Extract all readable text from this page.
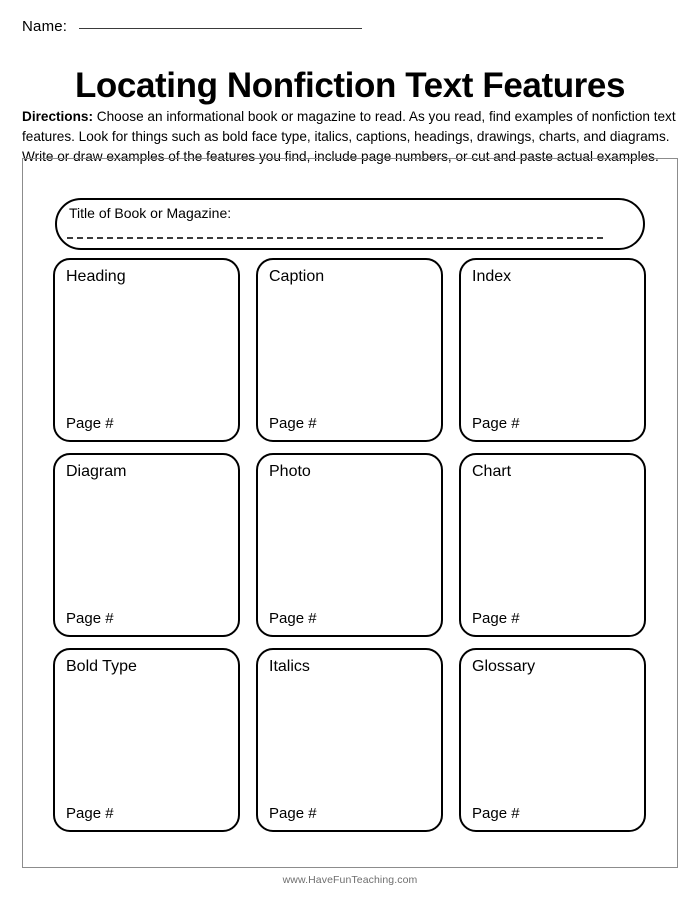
Name:
Locating Nonfiction Text Features

Directions: Choose an informational book or magazine to read. As you read, find examples of nonfiction text features. Look for things such as bold face type, italics, captions, headings, drawings, charts, and diagrams. Write or draw examples of the features you find, include page numbers, or cut and paste actual examples.

Title of Book or Magazine:
Heading
Page #
Caption
Page #
Index
Page #
Diagram
Page #
Photo
Page #
Chart
Page #
Bold Type
Page #
Italics
Page #
Glossary
Page #
www.HaveFunTeaching.com
